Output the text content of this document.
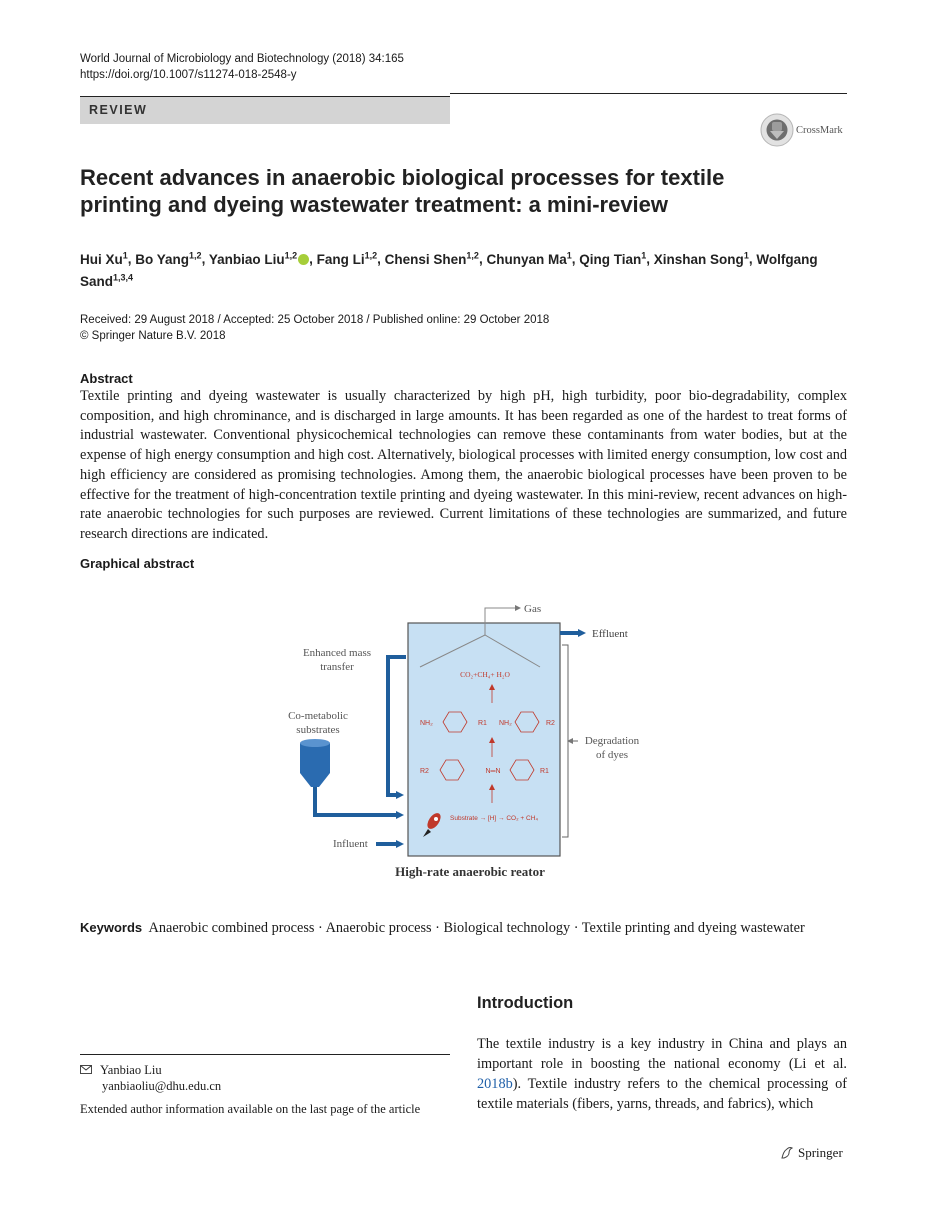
World Journal of Microbiology and Biotechnology (2018) 34:165
https://doi.org/10.1007/s11274-018-2548-y
REVIEW
CrossMark
Recent advances in anaerobic biological processes for textile printing and dyeing wastewater treatment: a mini-review
Hui Xu$^1$, Bo Yang$^{1,2}$, Yanbiao Liu$^{1,2}$ , Fang Li$^{1,2}$, Chensi Shen$^{1,2}$, Chunyan Ma$^1$, Qing Tian$^1$, Xinshan Song$^1$, Wolfgang Sand$^{1,3,4}$
Received: 29 August 2018 / Accepted: 25 October 2018 / Published online: 29 October 2018
© Springer Nature B.V. 2018
Abstract
Textile printing and dyeing wastewater is usually characterized by high pH, high turbidity, poor bio-degradability, complex composition, and high chrominance, and is discharged in large amounts. It has been regarded as one of the hardest to treat forms of industrial wastewater. Conventional physicochemical technologies can remove these contaminants from water bodies, but at the expense of high energy consumption and high cost. Alternatively, biological processes with limited energy consumption, low cost and high efficiency are considered as promising technologies. Among them, the anaerobic biological processes have been proven to be effective for the treatment of high-concentration textile printing and dyeing wastewater. In this mini-review, recent advances on high-rate anaerobic technologies for such purposes are reviewed. Current limitations of these technologies are summarized, and future research directions are indicated.
Graphical abstract
Gas
Effluent
Enhanced mass
transfer
Co-metabolic
substrates
Influent
Degradation
of dyes
CO₂+CH₄+ H₂O
NH₂	R1 NH₂	R2
R2	N═N	R1
Substrate → [H] → CO₂ + CH₄
High-rate anaerobic reator
Keywords Anaerobic combined process · Anaerobic process · Biological technology · Textile printing and dyeing wastewater
Introduction
The textile industry is a key industry in China and plays an important role in boosting the national economy (Li et al. 2018b). Textile industry refers to the chemical processing of textile materials (fibers, yarns, threads, and fabrics), which
Yanbiao Liu
yanbiaoliu@dhu.edu.cn
Extended author information available on the last page of the article
Springer
